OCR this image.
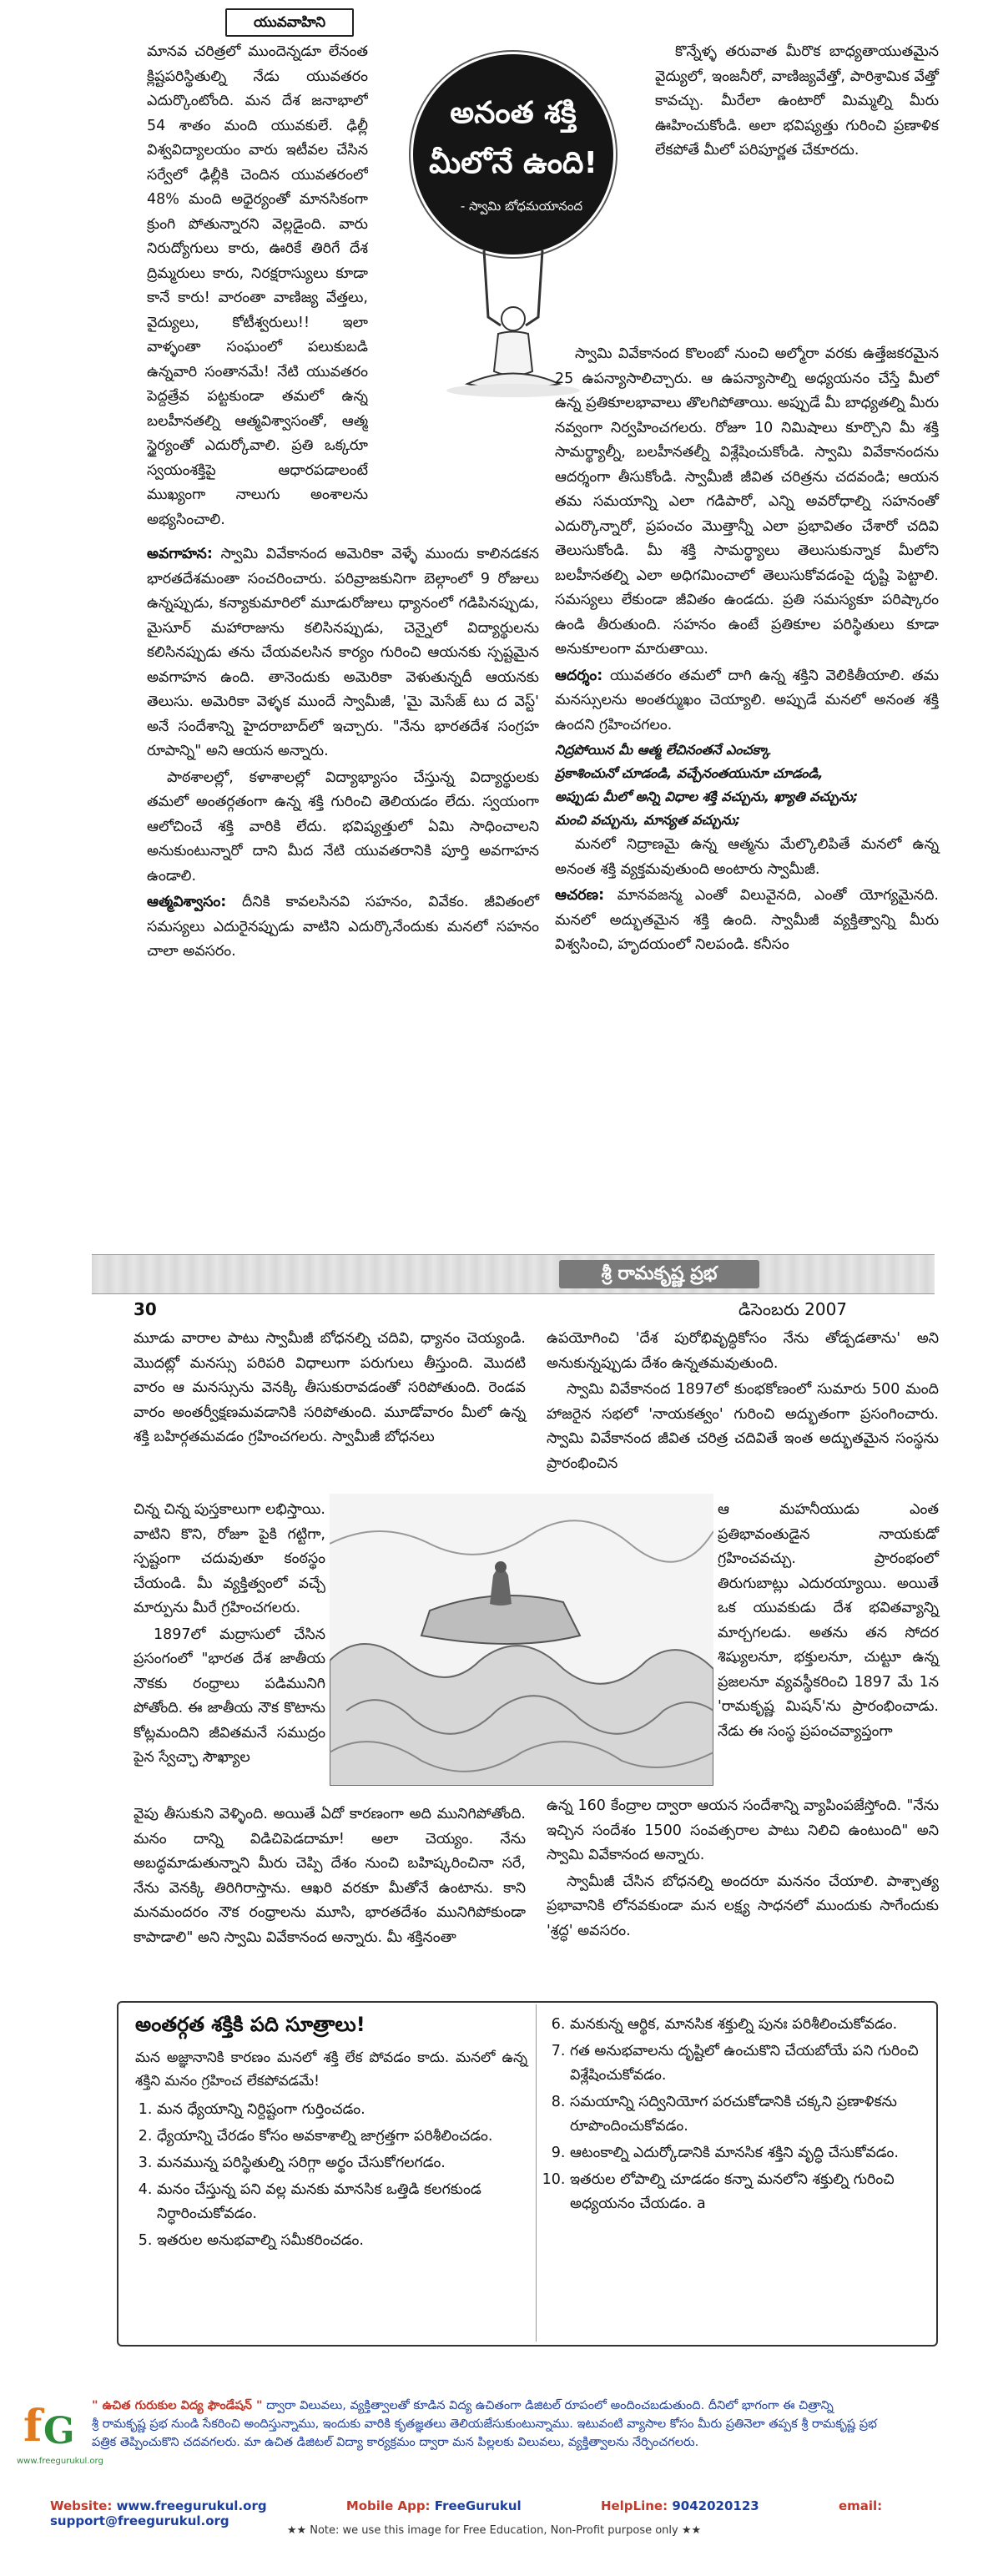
యువవాహిని
అనంత శక్తి
మీలోనే ఉంది!
- స్వామి బోధమయానంద

మానవ చరిత్రలో ముందెన్నడూ లేనంత క్లిష్టపరిస్థితుల్ని నేడు యువతరం ఎదుర్కొంటోంది. మన దేశ జనాభాలో 54 శాతం మంది యువకులే. ఢిల్లీ విశ్వవిద్యాలయం వారు ఇటీవల చేసిన సర్వేలో ఢిల్లీకి చెందిన యువతరంలో 48% మంది అధైర్యంతో మానసికంగా క్రుంగి పోతున్నారని వెల్లడైంది. వారు నిరుద్యోగులు కారు, ఊరికే తిరిగే దేశ ద్రిమ్మరులు కారు, నిరక్షరాస్యులు కూడా కానే కారు! వారంతా వాణిజ్య వేత్తలు, వైద్యులు, కోటీశ్వరులు!! ఇలా వాళ్ళంతా సంఘంలో పలుకుబడి ఉన్నవారి సంతానమే! నేటి యువతరం పెద్దత్రేవ పట్టకుండా తమలో ఉన్న బలహీనతల్ని ఆత్మవిశ్వాసంతో, ఆత్మ స్థైర్యంతో ఎదుర్కోవాలి. ప్రతి ఒక్కరూ స్వయంశక్తిపై ఆధారపడాలంటే ముఖ్యంగా నాలుగు అంశాలను అభ్యసించాలి.

అవగాహన: స్వామి వివేకానంద అమెరికా వెళ్ళే ముందు కాలినడకన భారతదేశమంతా సంచరించారు. పరివ్రాజకునిగా బెల్గాంలో 9 రోజులు ఉన్నప్పుడు, కన్యాకుమారిలో మూడురోజులు ధ్యానంలో గడిపినప్పుడు, మైసూర్ మహారాజును కలిసినప్పుడు, చెన్నైలో విద్యార్థులను కలిసినప్పుడు తను చేయవలసిన కార్యం గురించి ఆయనకు స్పష్టమైన అవగాహన ఉంది. తానెందుకు అమెరికా వెళుతున్నదీ ఆయనకు తెలుసు. అమెరికా వెళ్ళక ముందే స్వామీజీ, 'మై మెసేజ్ టు ద వెస్ట్' అనే సందేశాన్ని హైదరాబాద్‌లో ఇచ్చారు. "నేను భారతదేశ సంగ్రహ రూపాన్ని" అని ఆయన అన్నారు.

పాఠశాలల్లో, కళాశాలల్లో విద్యాభ్యాసం చేస్తున్న విద్యార్థులకు తమలో అంతర్గతంగా ఉన్న శక్తి గురించి తెలియడం లేదు. స్వయంగా ఆలోచించే శక్తి వారికి లేదు. భవిష్యత్తులో ఏమి సాధించాలని అనుకుంటున్నారో దాని మీద నేటి యువతరానికి పూర్తి అవగాహన ఉండాలి.

ఆత్మవిశ్వాసం: దీనికి కావలసినవి సహనం, వివేకం. జీవితంలో సమస్యలు ఎదురైనప్పుడు వాటిని ఎదుర్కొనేందుకు మనలో సహనం చాలా అవసరం.

కొన్నేళ్ళ తరువాత మీరొక బాధ్యతాయుతమైన వైద్యులో, ఇంజనీరో, వాణిజ్యవేత్తో, పారిశ్రామిక వేత్తో కావచ్చు. మీరేలా ఉంటారో మిమ్మల్ని మీరు ఊహించుకోండి. అలా భవిష్యత్తు గురించి ప్రణాళిక లేకపోతే మీలో పరిపూర్ణత చేకూరదు.

స్వామి వివేకానంద కొలంబో నుంచి అల్మోరా వరకు ఉత్తేజకరమైన 25 ఉపన్యాసాలిచ్చారు. ఆ ఉపన్యాసాల్ని అధ్యయనం చేస్తే మీలో ఉన్న ప్రతికూలభావాలు తొలగిపోతాయి. అప్పుడే మీ బాధ్యతల్ని మీరు నవ్వంగా నిర్వహించగలరు. రోజూ 10 నిమిషాలు కూర్చొని మీ శక్తి సామర్థ్యాల్నీ, బలహీనతల్నీ విశ్లేషించుకోండి. స్వామి వివేకానందను ఆదర్శంగా తీసుకోండి. స్వామీజీ జీవిత చరిత్రను చదవండి; ఆయన తమ సమయాన్ని ఎలా గడిపారో, ఎన్ని అవరోధాల్ని సహనంతో ఎదుర్కొన్నారో, ప్రపంచం మొత్తాన్నీ ఎలా ప్రభావితం చేశారో చదివి తెలుసుకోండి. మీ శక్తి సామర్థ్యాలు తెలుసుకున్నాక మీలోని బలహీనతల్ని ఎలా అధిగమించాలో తెలుసుకోవడంపై దృష్టి పెట్టాలి. సమస్యలు లేకుండా జీవితం ఉండదు. ప్రతి సమస్యకూ పరిష్కారం ఉండి తీరుతుంది. సహనం ఉంటే ప్రతికూల పరిస్థితులు కూడా అనుకూలంగా మారుతాయి.

ఆదర్శం: యువతరం తమలో దాగి ఉన్న శక్తిని వెలికితీయాలి. తమ మనస్సులను అంతర్ముఖం చెయ్యాలి. అప్పుడే మనలో అనంత శక్తి ఉందని గ్రహించగలం.

నిద్రపోయిన మీ ఆత్మ లేచినంతనే ఎంచక్కా

ప్రకాశించునో చూడండి, వచ్చేనంతయునూ చూడండి,

అప్పుడు మీలో అన్ని విధాల శక్తి వచ్చును, ఖ్యాతి వచ్చును;

మంచి వచ్చును, మాన్యత వచ్చును;

మనలో నిద్రాణమై ఉన్న ఆత్మను మేల్కొలిపితే మనలో ఉన్న అనంత శక్తి వ్యక్తమవుతుంది అంటారు స్వామీజీ.

ఆచరణ: మానవజన్మ ఎంతో విలువైనది, ఎంతో యోగ్యమైనది. మనలో అద్భుతమైన శక్తి ఉంది. స్వామీజీ వ్యక్తిత్వాన్ని మీరు విశ్వసించి, హృదయంలో నిలపండి. కనీసం

శ్రీ రామకృష్ణ ప్రభ
30	డిసెంబరు 2007

మూడు వారాల పాటు స్వామీజీ బోధనల్ని చదివి, ధ్యానం చెయ్యండి. మొదట్లో మనస్సు పరిపరి విధాలుగా పరుగులు తీస్తుంది. మొదటి వారం ఆ మనస్సును వెనక్కి తీసుకురావడంతో సరిపోతుంది. రెండవ వారం అంతర్వీక్షణమవడానికి సరిపోతుంది. మూడోవారం మీలో ఉన్న శక్తి బహిర్గతమవడం గ్రహించగలరు. స్వామీజీ బోధనలు

చిన్న చిన్న పుస్తకాలుగా లభిస్తాయి. వాటిని కొని, రోజూ పైకి గట్టిగా, స్పష్టంగా చదువుతూ కంఠస్థం చేయండి. మీ వ్యక్తిత్వంలో వచ్చే మార్పును మీరే గ్రహించగలరు.

1897లో మద్రాసులో చేసిన ప్రసంగంలో "భారత దేశ జాతీయ నౌకకు రంధ్రాలు పడిమునిగి పోతోంది. ఈ జాతీయ నౌక కొటాను కోట్లమందిని జీవితమనే సముద్రం పైన స్వేచ్ఛా సౌఖ్యాల

వైపు తీసుకుని వెళ్ళింది. అయితే ఏదో కారణంగా అది మునిగిపోతోంది. మనం దాన్ని విడిచిపెడదామా! అలా చెయ్యం. నేను అబద్ధమాడుతున్నాని మీరు చెప్పి దేశం నుంచి బహిష్కరించినా సరే, నేను వెనక్కి తిరిగిరాస్తాను. ఆఖరి వరకూ మీతోనే ఉంటాను. కాని మనమందరం నౌక రంధ్రాలను మూసి, భారతదేశం మునిగిపోకుండా కాపాడాలి" అని స్వామి వివేకానంద అన్నారు. మీ శక్తినంతా

ఉపయోగించి 'దేశ పురోభివృద్ధికోసం నేను తోడ్పడతాను' అని అనుకున్నప్పుడు దేశం ఉన్నతమవుతుంది.

స్వామి వివేకానంద 1897లో కుంభకోణంలో సుమారు 500 మంది హాజరైన సభలో 'నాయకత్వం' గురించి అద్భుతంగా ప్రసంగించారు. స్వామి వివేకానంద జీవిత చరిత్ర చదివితే ఇంత అద్భుతమైన సంస్థను ప్రారంభించిన

ఆ మహనీయుడు ఎంత ప్రతిభావంతుడైన నాయకుడో గ్రహించవచ్చు. ప్రారంభంలో తిరుగుబాట్లు ఎదురయ్యాయి. అయితే ఒక యువకుడు దేశ భవితవ్యాన్ని మార్చగలడు. అతను తన సోదర శిష్యులనూ, భక్తులనూ, చుట్టూ ఉన్న ప్రజలనూ వ్యవస్థీకరించి 1897 మే 1న 'రామకృష్ణ మిషన్'ను ప్రారంభించాడు. నేడు ఈ సంస్థ ప్రపంచవ్యాప్తంగా

ఉన్న 160 కేంద్రాల ద్వారా ఆయన సందేశాన్ని వ్యాపింపజేస్తోంది. "నేను ఇచ్చిన సందేశం 1500 సంవత్సరాల పాటు నిలిచి ఉంటుంది" అని స్వామి వివేకానంద అన్నారు.

స్వామీజీ చేసిన బోధనల్ని అందరూ మననం చేయాలి. పాశ్చాత్య ప్రభావానికి లోనవకుండా మన లక్ష్య సాధనలో ముందుకు సాగేందుకు 'శ్రద్ధ' అవసరం.

అంతర్గత శక్తికి పది సూత్రాలు!

మన అజ్ఞానానికి కారణం మనలో శక్తి లేక పోవడం కాదు. మనలో ఉన్న శక్తిని మనం గ్రహించ లేకపోవడమే!

1. మన ధ్యేయాన్ని నిర్దిష్టంగా గుర్తించడం.
2. ధ్యేయాన్ని చేరడం కోసం అవకాశాల్ని జాగ్రత్తగా పరిశీలించడం.
3. మనమున్న పరిస్థితుల్ని సరిగ్గా అర్థం చేసుకోగలగడం.
4. మనం చేస్తున్న పని వల్ల మనకు మానసిక ఒత్తిడి కలగకుండ నిర్ధారించుకోవడం.
5. ఇతరుల అనుభవాల్ని సమీకరించడం.
6. మనకున్న ఆర్థిక, మానసిక శక్తుల్ని పునః పరిశీలించుకోవడం.
7. గత అనుభవాలను దృష్టిలో ఉంచుకొని చేయబోయే పని గురించి విశ్లేషించుకోవడం.
8. సమయాన్ని సద్వినియోగ పరచుకోడానికి చక్కని ప్రణాళికను రూపొందించుకోవడం.
9. ఆటంకాల్ని ఎదుర్కోడానికి మానసిక శక్తిని వృద్ధి చేసుకోవడం.
10. ఇతరుల లోపాల్ని చూడడం కన్నా మనలోని శక్తుల్ని గురించి అధ్యయనం చేయడం. a
f G
www.freegurukul.org
" ఉచిత గురుకుల విద్య ఫౌండేషన్ " ద్వారా విలువలు, వ్యక్తిత్వాలతో కూడిన విద్య ఉచితంగా డిజిటల్ రూపంలో అందించబడుతుంది. దీనిలో భాగంగా ఈ చిత్రాన్ని
శ్రీ రామకృష్ణ ప్రభ నుండి సేకరించి అందిస్తున్నాము, ఇందుకు వారికి కృతజ్ఞతలు తెలియజేసుకుంటున్నాము. ఇటువంటి వ్యాసాల కోసం మీరు ప్రతినెలా తప్పక శ్రీ రామకృష్ణ ప్రభ
పత్రిక తెప్పించుకొని చదవగలరు. మా ఉచిత డిజిటల్ విద్యా కార్యక్రమం ద్వారా మన పిల్లలకు విలువలు, వ్యక్తిత్వాలను నేర్పించగలరు.
Website: www.freegurukul.org	Mobile App: FreeGurukul	HelpLine: 9042020123	email: support@freegurukul.org
★★ Note: we use this image for Free Education, Non-Profit purpose only ★★
